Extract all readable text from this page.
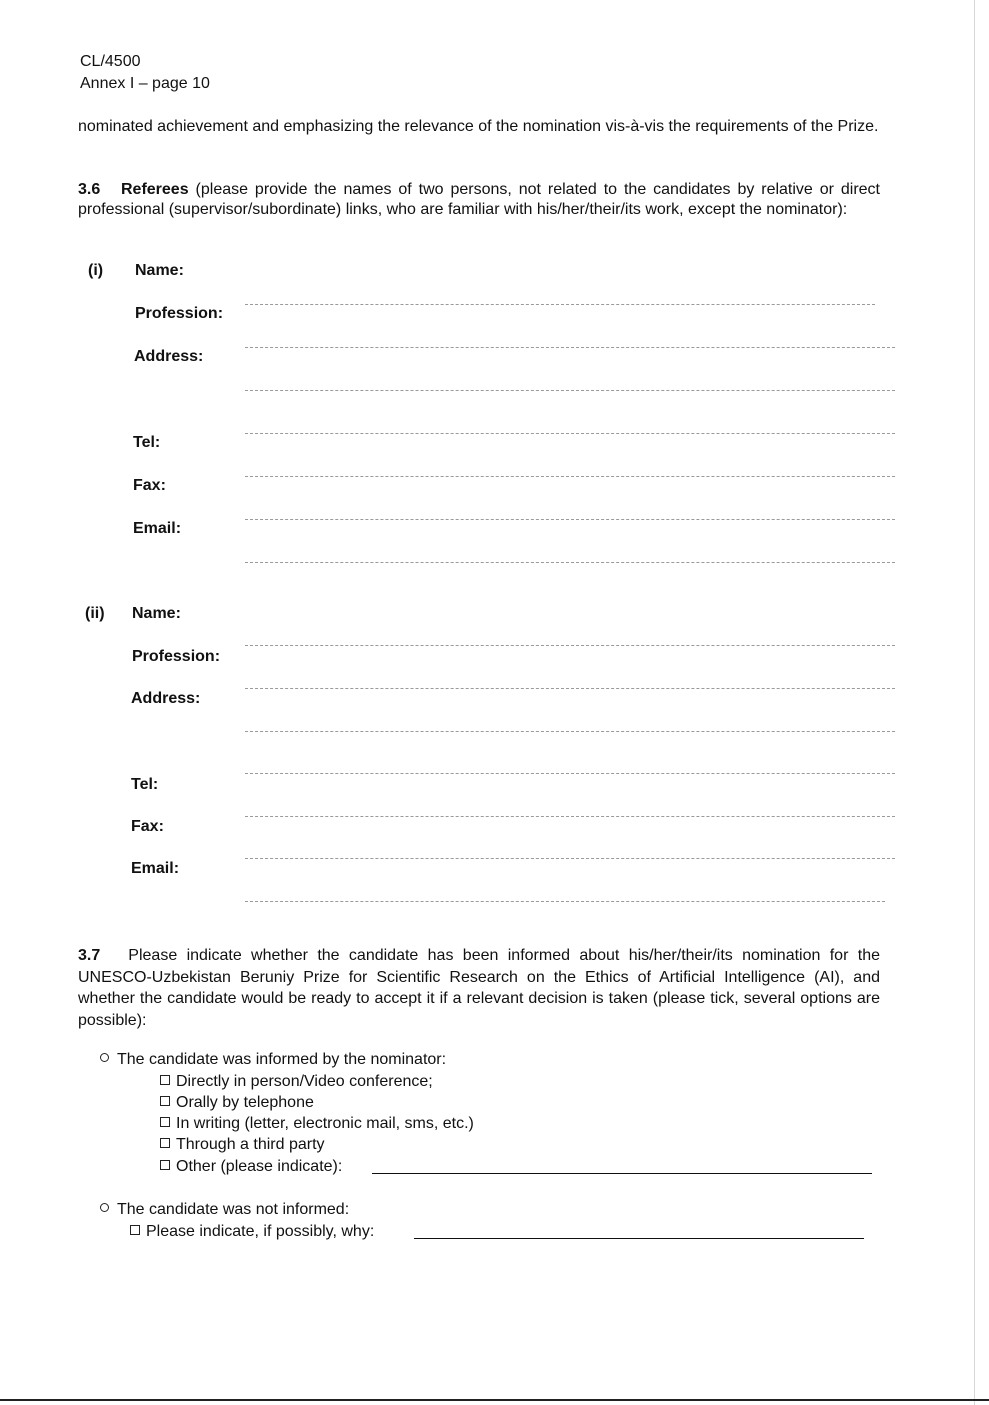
CL/4500
Annex I – page 10
nominated achievement and emphasizing the relevance of the nomination vis-à-vis the requirements of the Prize.
3.6 Referees (please provide the names of two persons, not related to the candidates by relative or direct professional (supervisor/subordinate) links, who are familiar with his/her/their/its work, except the nominator):
(i) Name:
Profession:
Address:
Tel:
Fax:
Email:
(ii) Name:
Profession:
Address:
Tel:
Fax:
Email:
3.7 Please indicate whether the candidate has been informed about his/her/their/its nomination for the UNESCO-Uzbekistan Beruniy Prize for Scientific Research on the Ethics of Artificial Intelligence (AI), and whether the candidate would be ready to accept it if a relevant decision is taken (please tick, several options are possible):
The candidate was informed by the nominator:
Directly in person/Video conference;
Orally by telephone
In writing (letter, electronic mail, sms, etc.)
Through a third party
Other (please indicate):
The candidate was not informed:
Please indicate, if possibly, why:
